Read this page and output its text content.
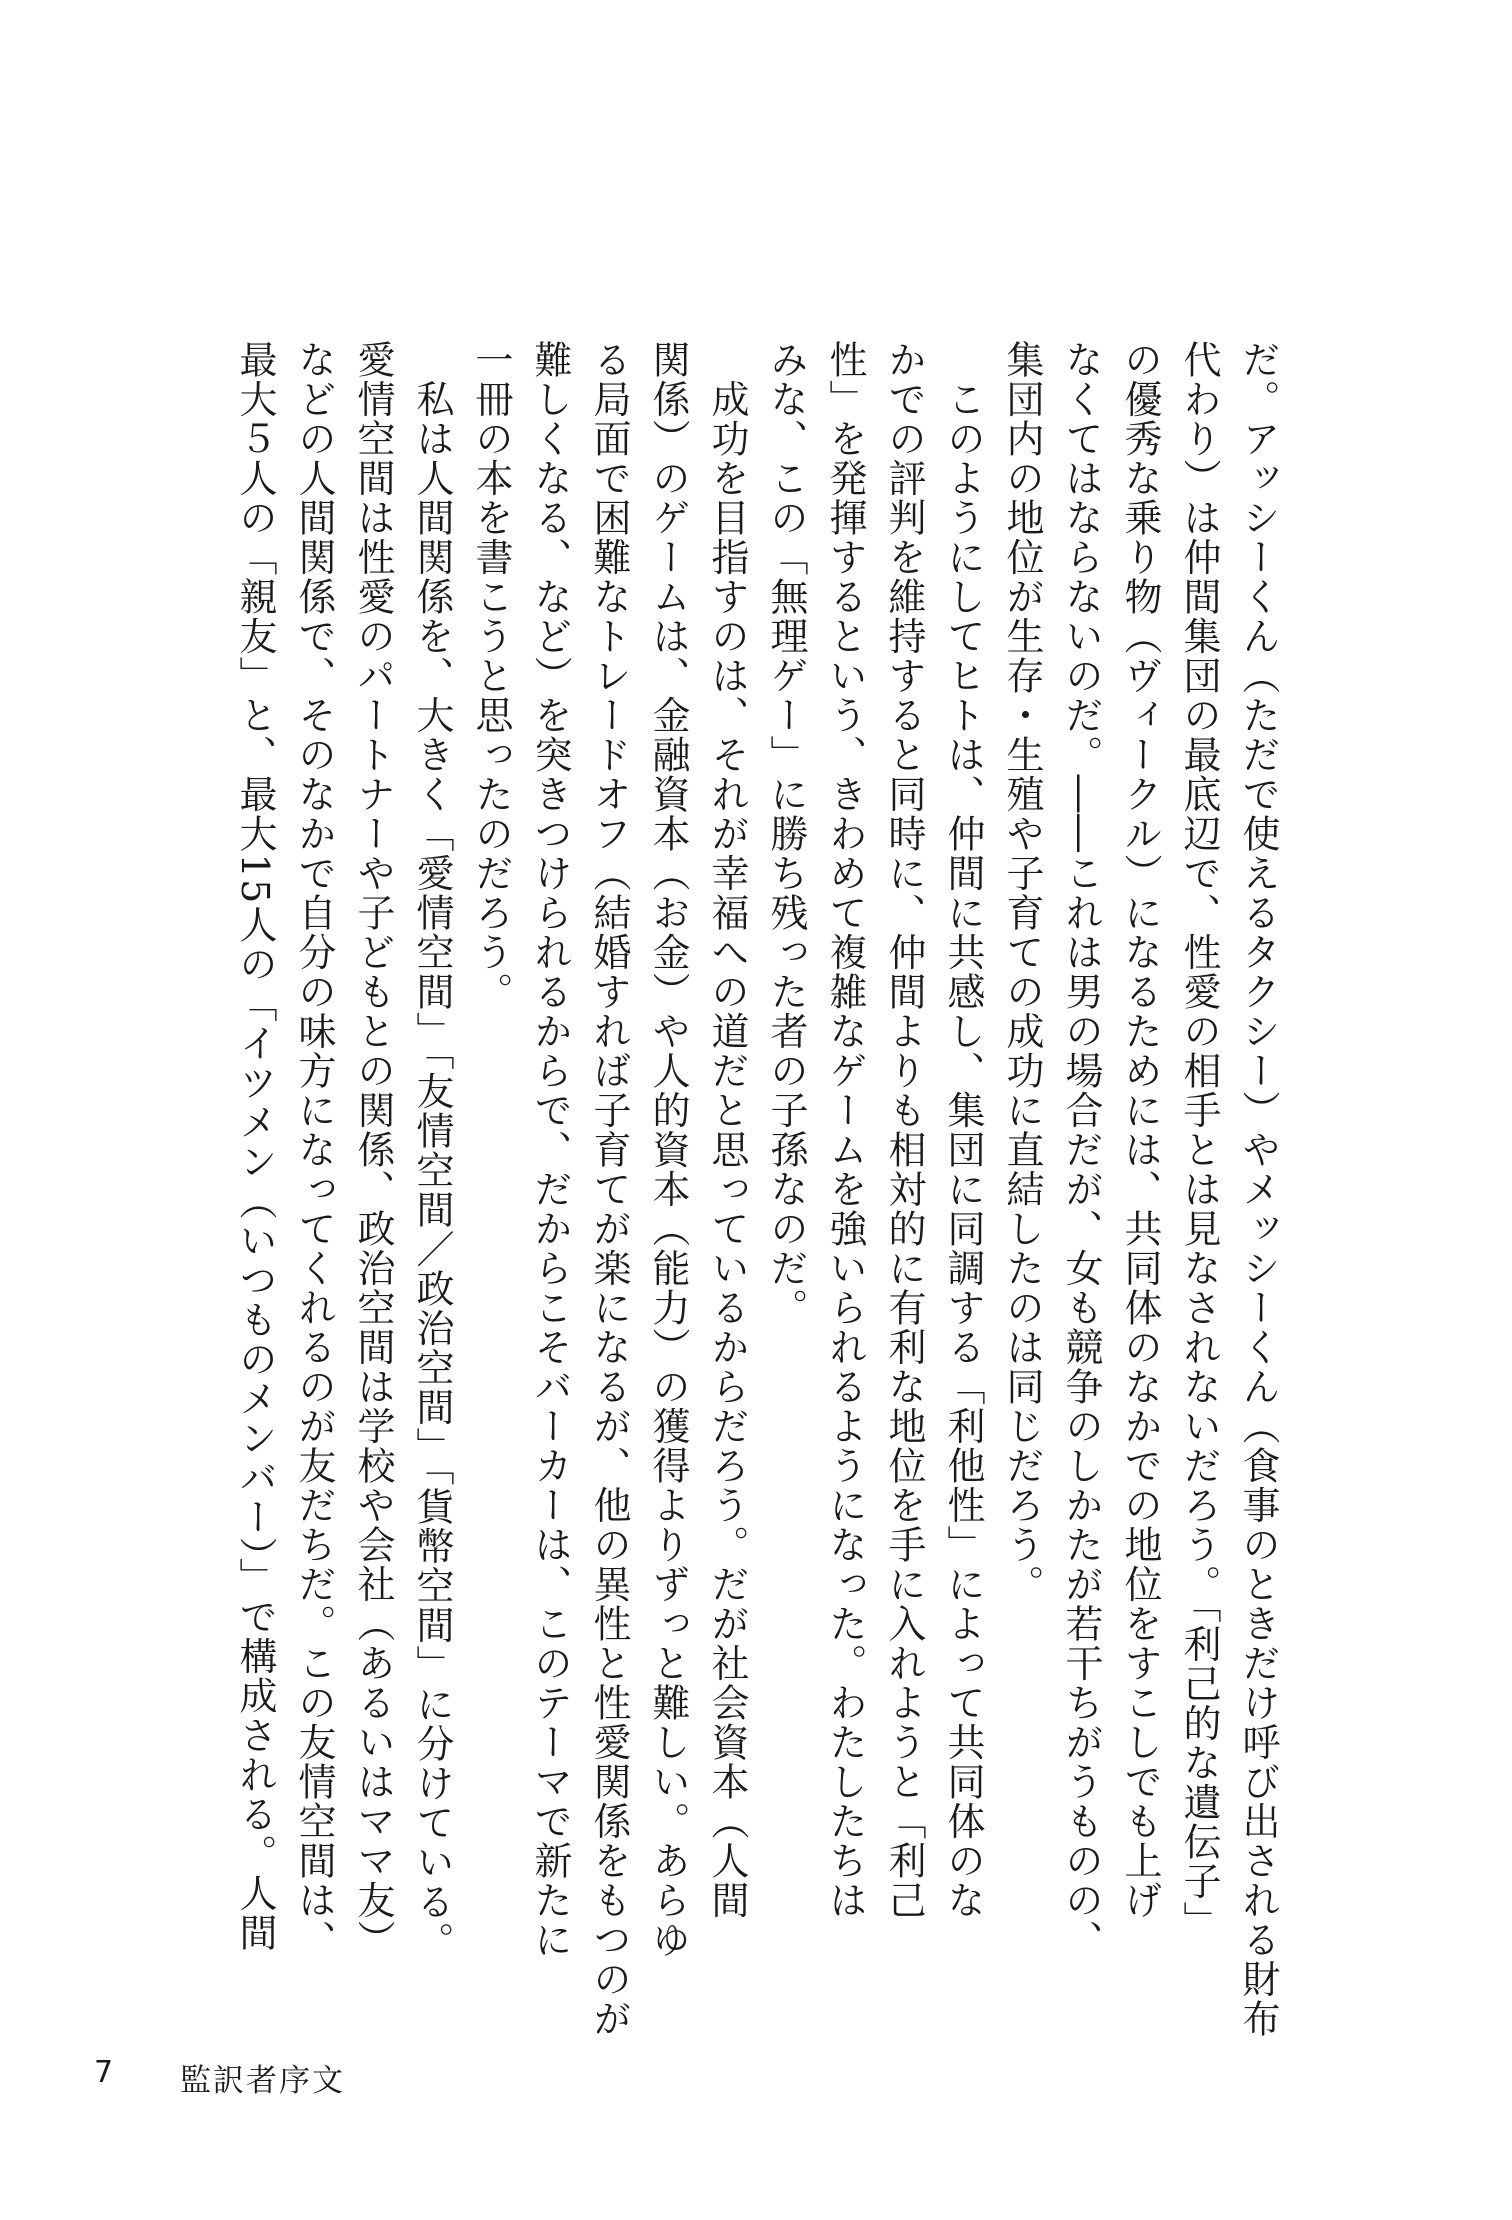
だ。アッシーくん（ただで使えるタクシー）やメッシーくん（食事のときだけ呼び出される財布
代わり）は仲間集団の最底辺で、性愛の相手とは見なされないだろう。「利己的な遺伝子」
の優秀な乗り物（ヴィークル）になるためには、共同体のなかでの地位をすこしでも上げ
なくてはならないのだ。――これは男の場合だが、女も競争のしかたが若干ちがうものの、
集団内の地位が生存・生殖や子育ての成功に直結したのは同じだろう。
　このようにしてヒトは、仲間に共感し、集団に同調する「利他性」によって共同体のな
かでの評判を維持すると同時に、仲間よりも相対的に有利な地位を手に入れようと「利己
性」を発揮するという、きわめて複雑なゲームを強いられるようになった。わたしたちは
みな、この「無理ゲー」に勝ち残った者の子孫なのだ。
　成功を目指すのは、それが幸福への道だと思っているからだろう。だが社会資本（人間
関係）のゲームは、金融資本（お金）や人的資本（能力）の獲得よりずっと難しい。あらゆ
る局面で困難なトレードオフ（結婚すれば子育てが楽になるが、他の異性と性愛関係をもつのが
難しくなる、など）を突きつけられるからで、だからこそバーカーは、このテーマで新たに
一冊の本を書こうと思ったのだろう。
　私は人間関係を、大きく「愛情空間」「友情空間／政治空間」「貨幣空間」に分けている。
愛情空間は性愛のパートナーや子どもとの関係、政治空間は学校や会社（あるいはママ友）
などの人間関係で、そのなかで自分の味方になってくれるのが友だちだ。この友情空間は、
最大５人の「親友」と、最大15人の「イツメン（いつものメンバー）」で構成される。人間
7 監訳者序文
